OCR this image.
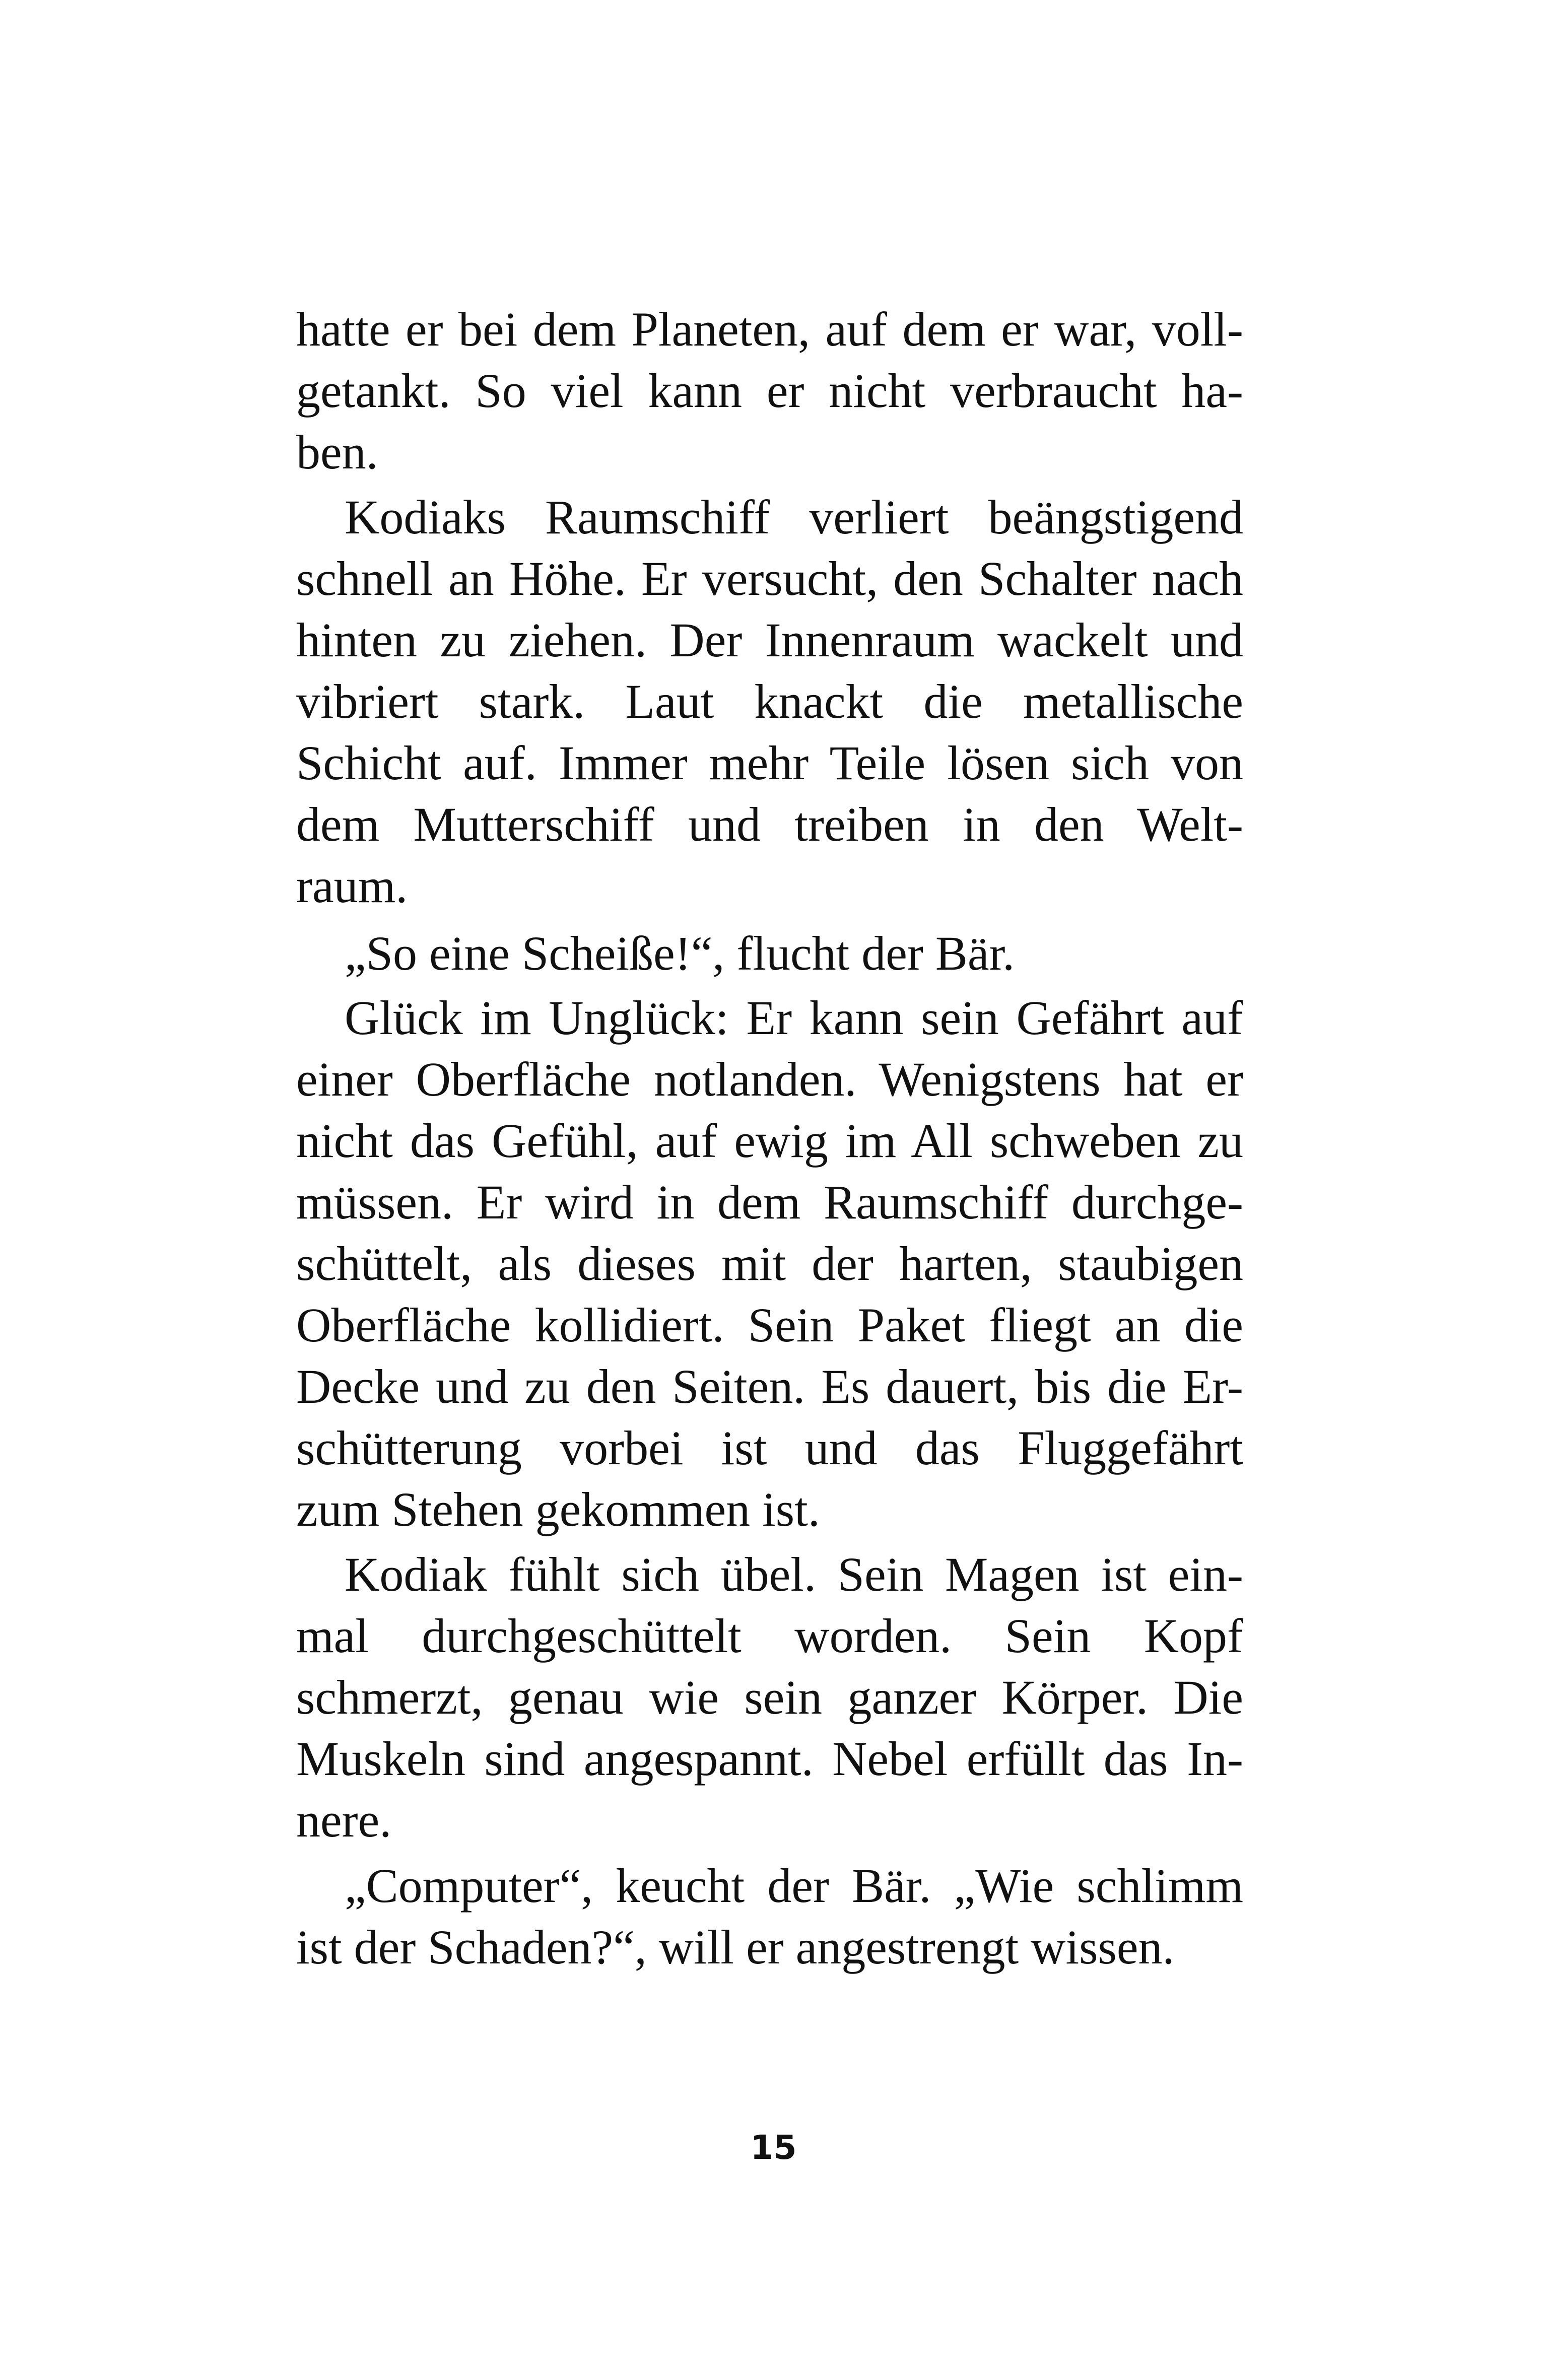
hatte er bei dem Planeten, auf dem er war, voll-
getankt. So viel kann er nicht verbraucht ha-
ben.
Kodiaks Raumschiff verliert beängstigend
schnell an Höhe. Er versucht, den Schalter nach
hinten zu ziehen. Der Innenraum wackelt und
vibriert stark. Laut knackt die metallische
Schicht auf. Immer mehr Teile lösen sich von
dem Mutterschiff und treiben in den Welt-
raum.
„So eine Scheiße!“, flucht der Bär.
Glück im Unglück: Er kann sein Gefährt auf
einer Oberfläche notlanden. Wenigstens hat er
nicht das Gefühl, auf ewig im All schweben zu
müssen. Er wird in dem Raumschiff durchge-
schüttelt, als dieses mit der harten, staubigen
Oberfläche kollidiert. Sein Paket fliegt an die
Decke und zu den Seiten. Es dauert, bis die Er-
schütterung vorbei ist und das Fluggefährt
zum Stehen gekommen ist.
Kodiak fühlt sich übel. Sein Magen ist ein-
mal durchgeschüttelt worden. Sein Kopf
schmerzt, genau wie sein ganzer Körper. Die
Muskeln sind angespannt. Nebel erfüllt das In-
nere.
„Computer“, keucht der Bär. „Wie schlimm
ist der Schaden?“, will er angestrengt wissen.
15
